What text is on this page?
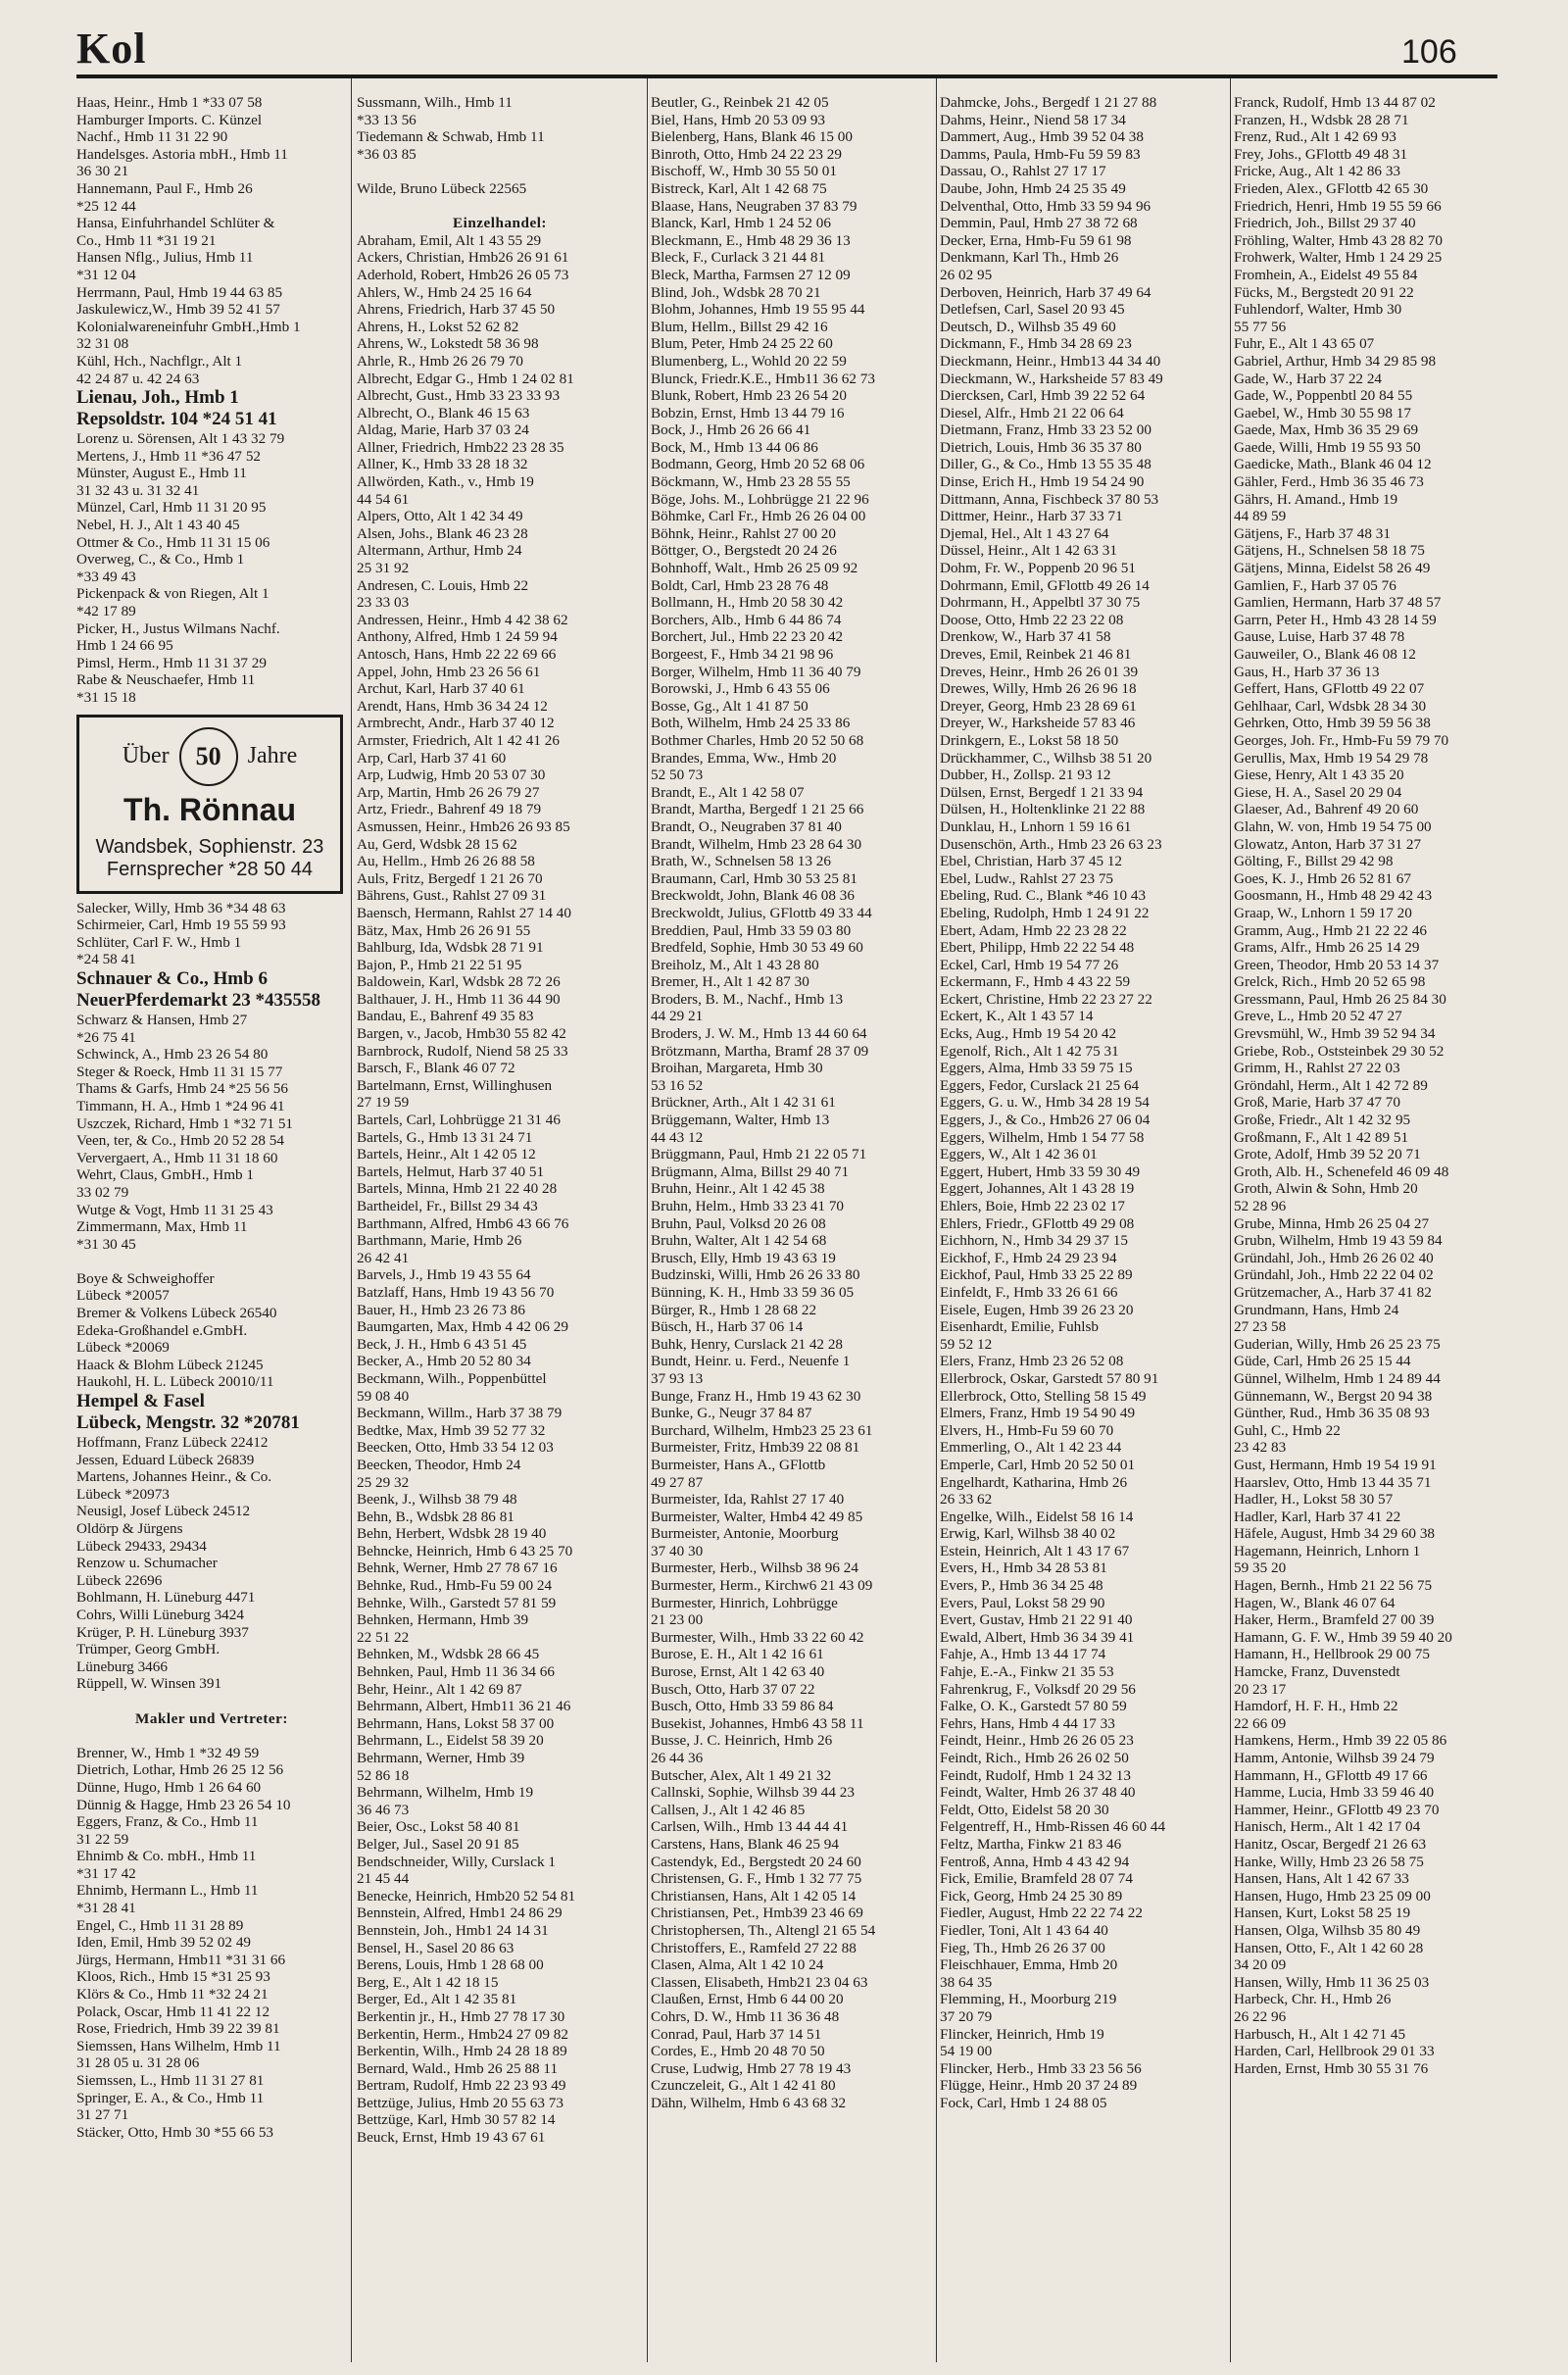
Kol	106
Haas, Heinr., Hmb 1 *33 07 58
Hamburger Imports. C. Künzel
Nachf., Hmb 11 31 22 90
Handelsges. Astoria mbH., Hmb 11
36 30 21
Hannemann, Paul F., Hmb 26
*25 12 44
Hansa, Einfuhrhandel Schlüter &
Co., Hmb 11 *31 19 21
Hansen Nflg., Julius, Hmb 11
*31 12 04
Herrmann, Paul, Hmb 19 44 63 85
Jaskulewicz,W., Hmb 39 52 41 57
Kolonialwareneinfuhr GmbH.,Hmb 1
32 31 08
Kühl, Hch., Nachflgr., Alt 1
42 24 87 u. 42 24 63
Lienau, Joh., Hmb 1
Repsoldstr. 104 *24 51 41
Lorenz u. Sörensen, Alt 1 43 32 79
Mertens, J., Hmb 11 *36 47 52
Münster, August E., Hmb 11
31 32 43 u. 31 32 41
Münzel, Carl, Hmb 11 31 20 95
Nebel, H. J., Alt 1 43 40 45
Ottmer & Co., Hmb 11 31 15 06
Overweg, C., & Co., Hmb 1
*33 49 43
Pickenpack & von Riegen, Alt 1
*42 17 89
Picker, H., Justus Wilmans Nachf.
Hmb 1 24 66 95
Pimsl, Herm., Hmb 11 31 37 29
Rabe & Neuschaefer, Hmb 11
*31 15 18
Über	50	Jahre
Th. Rönnau
Wandsbek, Sophienstr. 23
Fernsprecher *28 50 44
Salecker, Willy, Hmb 36 *34 48 63
Schirmeier, Carl, Hmb 19 55 59 93
Schlüter, Carl F. W., Hmb 1
*24 58 41
Schnauer & Co., Hmb 6
NeuerPferdemarkt 23 *435558
Schwarz & Hansen, Hmb 27
*26 75 41
Schwinck, A., Hmb 23 26 54 80
Steger & Roeck, Hmb 11 31 15 77
Thams & Garfs, Hmb 24 *25 56 56
Timmann, H. A., Hmb 1 *24 96 41
Uszczek, Richard, Hmb 1 *32 71 51
Veen, ter, & Co., Hmb 20 52 28 54
Ververgaert, A., Hmb 11 31 18 60
Wehrt, Claus, GmbH., Hmb 1
33 02 79
Wutge & Vogt, Hmb 11 31 25 43
Zimmermann, Max, Hmb 11
*31 30 45

Boye & Schweighoffer
Lübeck *20057
Bremer & Volkens Lübeck 26540
Edeka-Großhandel e.GmbH.
Lübeck *20069
Haack & Blohm Lübeck 21245
Haukohl, H. L. Lübeck 20010/11
Hempel & Fasel
Lübeck, Mengstr. 32 *20781
Hoffmann, Franz Lübeck 22412
Jessen, Eduard Lübeck 26839
Martens, Johannes Heinr., & Co.
Lübeck *20973
Neusigl, Josef Lübeck 24512
Oldörp & Jürgens
Lübeck 29433, 29434
Renzow u. Schumacher
Lübeck 22696
Bohlmann, H. Lüneburg 4471
Cohrs, Willi Lüneburg 3424
Krüger, P. H. Lüneburg 3937
Trümper, Georg GmbH.
Lüneburg 3466
Rüppell, W. Winsen 391

Makler und Vertreter:

Brenner, W., Hmb 1 *32 49 59
Dietrich, Lothar, Hmb 26 25 12 56
Dünne, Hugo, Hmb 1 26 64 60
Dünnig & Hagge, Hmb 23 26 54 10
Eggers, Franz, & Co., Hmb 11
31 22 59
Ehnimb & Co. mbH., Hmb 11
*31 17 42
Ehnimb, Hermann L., Hmb 11
*31 28 41
Engel, C., Hmb 11 31 28 89
Iden, Emil, Hmb 39 52 02 49
Jürgs, Hermann, Hmb11 *31 31 66
Kloos, Rich., Hmb 15 *31 25 93
Klörs & Co., Hmb 11 *32 24 21
Polack, Oscar, Hmb 11 41 22 12
Rose, Friedrich, Hmb 39 22 39 81
Siemssen, Hans Wilhelm, Hmb 11
31 28 05 u. 31 28 06
Siemssen, L., Hmb 11 31 27 81
Springer, E. A., & Co., Hmb 11
31 27 71
Stäcker, Otto, Hmb 30 *55 66 53
Sussmann, Wilh., Hmb 11
*33 13 56
Tiedemann & Schwab, Hmb 11
*36 03 85

Wilde, Bruno Lübeck 22565

Einzelhandel:
Abraham, Emil, Alt 1 43 55 29
Ackers, Christian, Hmb26 26 91 61
Aderhold, Robert, Hmb26 26 05 73
Ahlers, W., Hmb 24 25 16 64
Ahrens, Friedrich, Harb 37 45 50
Ahrens, H., Lokst 52 62 82
Ahrens, W., Lokstedt 58 36 98
Ahrle, R., Hmb 26 26 79 70
Albrecht, Edgar G., Hmb 1 24 02 81
Albrecht, Gust., Hmb 33 23 33 93
Albrecht, O., Blank 46 15 63
Aldag, Marie, Harb 37 03 24
Allner, Friedrich, Hmb22 23 28 35
Allner, K., Hmb 33 28 18 32
Allwörden, Kath., v., Hmb 19
44 54 61
Alpers, Otto, Alt 1 42 34 49
Alsen, Johs., Blank 46 23 28
Altermann, Arthur, Hmb 24
25 31 92
Andresen, C. Louis, Hmb 22
23 33 03
Andressen, Heinr., Hmb 4 42 38 62
Anthony, Alfred, Hmb 1 24 59 94
Antosch, Hans, Hmb 22 22 69 66
Appel, John, Hmb 23 26 56 61
Archut, Karl, Harb 37 40 61
Arendt, Hans, Hmb 36 34 24 12
Armbrecht, Andr., Harb 37 40 12
Armster, Friedrich, Alt 1 42 41 26
Arp, Carl, Harb 37 41 60
Arp, Ludwig, Hmb 20 53 07 30
Arp, Martin, Hmb 26 26 79 27
Artz, Friedr., Bahrenf 49 18 79
Asmussen, Heinr., Hmb26 26 93 85
Au, Gerd, Wdsbk 28 15 62
Au, Hellm., Hmb 26 26 88 58
Auls, Fritz, Bergedf 1 21 26 70
Bährens, Gust., Rahlst 27 09 31
Baensch, Hermann, Rahlst 27 14 40
Bätz, Max, Hmb 26 26 91 55
Bahlburg, Ida, Wdsbk 28 71 91
Bajon, P., Hmb 21 22 51 95
Baldowein, Karl, Wdsbk 28 72 26
Balthauer, J. H., Hmb 11 36 44 90
Bandau, E., Bahrenf 49 35 83
Bargen, v., Jacob, Hmb30 55 82 42
Barnbrock, Rudolf, Niend 58 25 33
Barsch, F., Blank 46 07 72
Bartelmann, Ernst, Willinghusen
27 19 59
Bartels, Carl, Lohbrügge 21 31 46
Bartels, G., Hmb 13 31 24 71
Bartels, Heinr., Alt 1 42 05 12
Bartels, Helmut, Harb 37 40 51
Bartels, Minna, Hmb 21 22 40 28
Bartheidel, Fr., Billst 29 34 43
Barthmann, Alfred, Hmb6 43 66 76
Barthmann, Marie, Hmb 26
26 42 41
Barvels, J., Hmb 19 43 55 64
Batzlaff, Hans, Hmb 19 43 56 70
Bauer, H., Hmb 23 26 73 86
Baumgarten, Max, Hmb 4 42 06 29
Beck, J. H., Hmb 6 43 51 45
Becker, A., Hmb 20 52 80 34
Beckmann, Wilh., Poppenbüttel
59 08 40
Beckmann, Willm., Harb 37 38 79
Bedtke, Max, Hmb 39 52 77 32
Beecken, Otto, Hmb 33 54 12 03
Beecken, Theodor, Hmb 24
25 29 32
Beenk, J., Wilhsb 38 79 48
Behn, B., Wdsbk 28 86 81
Behn, Herbert, Wdsbk 28 19 40
Behncke, Heinrich, Hmb 6 43 25 70
Behnk, Werner, Hmb 27 78 67 16
Behnke, Rud., Hmb-Fu 59 00 24
Behnke, Wilh., Garstedt 57 81 59
Behnken, Hermann, Hmb 39
22 51 22
Behnken, M., Wdsbk 28 66 45
Behnken, Paul, Hmb 11 36 34 66
Behr, Heinr., Alt 1 42 69 87
Behrmann, Albert, Hmb11 36 21 46
Behrmann, Hans, Lokst 58 37 00
Behrmann, L., Eidelst 58 39 20
Behrmann, Werner, Hmb 39
52 86 18
Behrmann, Wilhelm, Hmb 19
36 46 73
Beier, Osc., Lokst 58 40 81
Belger, Jul., Sasel 20 91 85
Bendschneider, Willy, Curslack 1
21 45 44
Benecke, Heinrich, Hmb20 52 54 81
Bennstein, Alfred, Hmb1 24 86 29
Bennstein, Joh., Hmb1 24 14 31
Bensel, H., Sasel 20 86 63
Berens, Louis, Hmb 1 28 68 00
Berg, E., Alt 1 42 18 15
Berger, Ed., Alt 1 42 35 81
Berkentin jr., H., Hmb 27 78 17 30
Berkentin, Herm., Hmb24 27 09 82
Berkentin, Wilh., Hmb 24 28 18 89
Bernard, Wald., Hmb 26 25 88 11
Bertram, Rudolf, Hmb 22 23 93 49
Bettzüge, Julius, Hmb 20 55 63 73
Bettzüge, Karl, Hmb 30 57 82 14
Beuck, Ernst, Hmb 19 43 67 61
Beutler, G., Reinbek 21 42 05
Biel, Hans, Hmb 20 53 09 93
Bielenberg, Hans, Blank 46 15 00
Binroth, Otto, Hmb 24 22 23 29
Bischoff, W., Hmb 30 55 50 01
Bistreck, Karl, Alt 1 42 68 75
Blaase, Hans, Neugraben 37 83 79
Blanck, Karl, Hmb 1 24 52 06
Bleckmann, E., Hmb 48 29 36 13
Bleck, F., Curlack 3 21 44 81
Bleck, Martha, Farmsen 27 12 09
Blind, Joh., Wdsbk 28 70 21
Blohm, Johannes, Hmb 19 55 95 44
Blum, Hellm., Billst 29 42 16
Blum, Peter, Hmb 24 25 22 60
Blumenberg, L., Wohld 20 22 59
Blunck, Friedr.K.E., Hmb11 36 62 73
Blunk, Robert, Hmb 23 26 54 20
Bobzin, Ernst, Hmb 13 44 79 16
Bock, J., Hmb 26 26 66 41
Bock, M., Hmb 13 44 06 86
Bodmann, Georg, Hmb 20 52 68 06
Böckmann, W., Hmb 23 28 55 55
Böge, Johs. M., Lohbrügge 21 22 96
Böhmke, Carl Fr., Hmb 26 26 04 00
Böhnk, Heinr., Rahlst 27 00 20
Böttger, O., Bergstedt 20 24 26
Bohnhoff, Walt., Hmb 26 25 09 92
Boldt, Carl, Hmb 23 28 76 48
Bollmann, H., Hmb 20 58 30 42
Borchers, Alb., Hmb 6 44 86 74
Borchert, Jul., Hmb 22 23 20 42
Borgeest, F., Hmb 34 21 98 96
Borger, Wilhelm, Hmb 11 36 40 79
Borowski, J., Hmb 6 43 55 06
Bosse, Gg., Alt 1 41 87 50
Both, Wilhelm, Hmb 24 25 33 86
Bothmer Charles, Hmb 20 52 50 68
Brandes, Emma, Ww., Hmb 20
52 50 73
Brandt, E., Alt 1 42 58 07
Brandt, Martha, Bergedf 1 21 25 66
Brandt, O., Neugraben 37 81 40
Brandt, Wilhelm, Hmb 23 28 64 30
Brath, W., Schnelsen 58 13 26
Braumann, Carl, Hmb 30 53 25 81
Breckwoldt, John, Blank 46 08 36
Breckwoldt, Julius, GFlottb 49 33 44
Breddien, Paul, Hmb 33 59 03 80
Bredfeld, Sophie, Hmb 30 53 49 60
Breiholz, M., Alt 1 43 28 80
Bremer, H., Alt 1 42 87 30
Broders, B. M., Nachf., Hmb 13
44 29 21
Broders, J. W. M., Hmb 13 44 60 64
Brötzmann, Martha, Bramf 28 37 09
Broihan, Margareta, Hmb 30
53 16 52
Brückner, Arth., Alt 1 42 31 61
Brüggemann, Walter, Hmb 13
44 43 12
Brüggmann, Paul, Hmb 21 22 05 71
Brügmann, Alma, Billst 29 40 71
Bruhn, Heinr., Alt 1 42 45 38
Bruhn, Helm., Hmb 33 23 41 70
Bruhn, Paul, Volksd 20 26 08
Bruhn, Walter, Alt 1 42 54 68
Brusch, Elly, Hmb 19 43 63 19
Budzinski, Willi, Hmb 26 26 33 80
Bünning, K. H., Hmb 33 59 36 05
Bürger, R., Hmb 1 28 68 22
Büsch, H., Harb 37 06 14
Buhk, Henry, Curslack 21 42 28
Bundt, Heinr. u. Ferd., Neuenfe 1
37 93 13
Bunge, Franz H., Hmb 19 43 62 30
Bunke, G., Neugr 37 84 87
Burchard, Wilhelm, Hmb23 25 23 61
Burmeister, Fritz, Hmb39 22 08 81
Burmeister, Hans A., GFlottb
49 27 87
Burmeister, Ida, Rahlst 27 17 40
Burmeister, Walter, Hmb4 42 49 85
Burmeister, Antonie, Moorburg
37 40 30
Burmester, Herb., Wilhsb 38 96 24
Burmester, Herm., Kirchw6 21 43 09
Burmester, Hinrich, Lohbrügge
21 23 00
Burmester, Wilh., Hmb 33 22 60 42
Burose, E. H., Alt 1 42 16 61
Burose, Ernst, Alt 1 42 63 40
Busch, Otto, Harb 37 07 22
Busch, Otto, Hmb 33 59 86 84
Busekist, Johannes, Hmb6 43 58 11
Busse, J. C. Heinrich, Hmb 26
26 44 36
Butscher, Alex, Alt 1 49 21 32
Callnski, Sophie, Wilhsb 39 44 23
Callsen, J., Alt 1 42 46 85
Carlsen, Wilh., Hmb 13 44 44 41
Carstens, Hans, Blank 46 25 94
Castendyk, Ed., Bergstedt 20 24 60
Christensen, G. F., Hmb 1 32 77 75
Christiansen, Hans, Alt 1 42 05 14
Christiansen, Pet., Hmb39 23 46 69
Christophersen, Th., Altengl 21 65 54
Christoffers, E., Ramfeld 27 22 88
Clasen, Alma, Alt 1 42 10 24
Classen, Elisabeth, Hmb21 23 04 63
Claußen, Ernst, Hmb 6 44 00 20
Cohrs, D. W., Hmb 11 36 36 48
Conrad, Paul, Harb 37 14 51
Cordes, E., Hmb 20 48 70 50
Cruse, Ludwig, Hmb 27 78 19 43
Czunczeleit, G., Alt 1 42 41 80
Dähn, Wilhelm, Hmb 6 43 68 32
Dahmcke, Johs., Bergedf 1 21 27 88
Dahms, Heinr., Niend 58 17 34
Dammert, Aug., Hmb 39 52 04 38
Damms, Paula, Hmb-Fu 59 59 83
Dassau, O., Rahlst 27 17 17
Daube, John, Hmb 24 25 35 49
Delventhal, Otto, Hmb 33 59 94 96
Demmin, Paul, Hmb 27 38 72 68
Decker, Erna, Hmb-Fu 59 61 98
Denkmann, Karl Th., Hmb 26
26 02 95
Derboven, Heinrich, Harb 37 49 64
Detlefsen, Carl, Sasel 20 93 45
Deutsch, D., Wilhsb 35 49 60
Dickmann, F., Hmb 34 28 69 23
Dieckmann, Heinr., Hmb13 44 34 40
Dieckmann, W., Harksheide 57 83 49
Diercksen, Carl, Hmb 39 22 52 64
Diesel, Alfr., Hmb 21 22 06 64
Dietmann, Franz, Hmb 33 23 52 00
Dietrich, Louis, Hmb 36 35 37 80
Diller, G., & Co., Hmb 13 55 35 48
Dinse, Erich H., Hmb 19 54 24 90
Dittmann, Anna, Fischbeck 37 80 53
Dittmer, Heinr., Harb 37 33 71
Djemal, Hel., Alt 1 43 27 64
Düssel, Heinr., Alt 1 42 63 31
Dohm, Fr. W., Poppenb 20 96 51
Dohrmann, Emil, GFlottb 49 26 14
Dohrmann, H., Appelbtl 37 30 75
Doose, Otto, Hmb 22 23 22 08
Drenkow, W., Harb 37 41 58
Dreves, Emil, Reinbek 21 46 81
Dreves, Heinr., Hmb 26 26 01 39
Drewes, Willy, Hmb 26 26 96 18
Dreyer, Georg, Hmb 23 28 69 61
Dreyer, W., Harksheide 57 83 46
Drinkgern, E., Lokst 58 18 50
Drückhammer, C., Wilhsb 38 51 20
Dubber, H., Zollsp. 21 93 12
Dülsen, Ernst, Bergedf 1 21 33 94
Dülsen, H., Holtenklinke 21 22 88
Dunklau, H., Lnhorn 1 59 16 61
Dusenschön, Arth., Hmb 23 26 63 23
Ebel, Christian, Harb 37 45 12
Ebel, Ludw., Rahlst 27 23 75
Ebeling, Rud. C., Blank *46 10 43
Ebeling, Rudolph, Hmb 1 24 91 22
Ebert, Adam, Hmb 22 23 28 22
Ebert, Philipp, Hmb 22 22 54 48
Eckel, Carl, Hmb 19 54 77 26
Eckermann, F., Hmb 4 43 22 59
Eckert, Christine, Hmb 22 23 27 22
Eckert, K., Alt 1 43 57 14
Ecks, Aug., Hmb 19 54 20 42
Egenolf, Rich., Alt 1 42 75 31
Eggers, Alma, Hmb 33 59 75 15
Eggers, Fedor, Curslack 21 25 64
Eggers, G. u. W., Hmb 34 28 19 54
Eggers, J., & Co., Hmb26 27 06 04
Eggers, Wilhelm, Hmb 1 54 77 58
Eggers, W., Alt 1 42 36 01
Eggert, Hubert, Hmb 33 59 30 49
Eggert, Johannes, Alt 1 43 28 19
Ehlers, Boie, Hmb 22 23 02 17
Ehlers, Friedr., GFlottb 49 29 08
Eichhorn, N., Hmb 34 29 37 15
Eickhof, F., Hmb 24 29 23 94
Eickhof, Paul, Hmb 33 25 22 89
Einfeldt, F., Hmb 33 26 61 66
Eisele, Eugen, Hmb 39 26 23 20
Eisenhardt, Emilie, Fuhlsb
59 52 12
Elers, Franz, Hmb 23 26 52 08
Ellerbrock, Oskar, Garstedt 57 80 91
Ellerbrock, Otto, Stelling 58 15 49
Elmers, Franz, Hmb 19 54 90 49
Elvers, H., Hmb-Fu 59 60 70
Emmerling, O., Alt 1 42 23 44
Emperle, Carl, Hmb 20 52 50 01
Engelhardt, Katharina, Hmb 26
26 33 62
Engelke, Wilh., Eidelst 58 16 14
Erwig, Karl, Wilhsb 38 40 02
Estein, Heinrich, Alt 1 43 17 67
Evers, H., Hmb 34 28 53 81
Evers, P., Hmb 36 34 25 48
Evers, Paul, Lokst 58 29 90
Evert, Gustav, Hmb 21 22 91 40
Ewald, Albert, Hmb 36 34 39 41
Fahje, A., Hmb 13 44 17 74
Fahje, E.-A., Finkw 21 35 53
Fahrenkrug, F., Volksdf 20 29 56
Falke, O. K., Garstedt 57 80 59
Fehrs, Hans, Hmb 4 44 17 33
Feindt, Heinr., Hmb 26 26 05 23
Feindt, Rich., Hmb 26 26 02 50
Feindt, Rudolf, Hmb 1 24 32 13
Feindt, Walter, Hmb 26 37 48 40
Feldt, Otto, Eidelst 58 20 30
Felgentreff, H., Hmb-Rissen 46 60 44
Feltz, Martha, Finkw 21 83 46
Fentroß, Anna, Hmb 4 43 42 94
Fick, Emilie, Bramfeld 28 07 74
Fick, Georg, Hmb 24 25 30 89
Fiedler, August, Hmb 22 22 74 22
Fiedler, Toni, Alt 1 43 64 40
Fieg, Th., Hmb 26 26 37 00
Fleischhauer, Emma, Hmb 20
38 64 35
Flemming, H., Moorburg 219
37 20 79
Flincker, Heinrich, Hmb 19
54 19 00
Flincker, Herb., Hmb 33 23 56 56
Flügge, Heinr., Hmb 20 37 24 89
Fock, Carl, Hmb 1 24 88 05
Franck, Rudolf, Hmb 13 44 87 02
Franzen, H., Wdsbk 28 28 71
Frenz, Rud., Alt 1 42 69 93
Frey, Johs., GFlottb 49 48 31
Fricke, Aug., Alt 1 42 86 33
Frieden, Alex., GFlottb 42 65 30
Friedrich, Henri, Hmb 19 55 59 66
Friedrich, Joh., Billst 29 37 40
Fröhling, Walter, Hmb 43 28 82 70
Frohwerk, Walter, Hmb 1 24 29 25
Fromhein, A., Eidelst 49 55 84
Fücks, M., Bergstedt 20 91 22
Fuhlendorf, Walter, Hmb 30
55 77 56
Fuhr, E., Alt 1 43 65 07
Gabriel, Arthur, Hmb 34 29 85 98
Gade, W., Harb 37 22 24
Gade, W., Poppenbtl 20 84 55
Gaebel, W., Hmb 30 55 98 17
Gaede, Max, Hmb 36 35 29 69
Gaede, Willi, Hmb 19 55 93 50
Gaedicke, Math., Blank 46 04 12
Gähler, Ferd., Hmb 36 35 46 73
Gährs, H. Amand., Hmb 19
44 89 59
Gätjens, F., Harb 37 48 31
Gätjens, H., Schnelsen 58 18 75
Gätjens, Minna, Eidelst 58 26 49
Gamlien, F., Harb 37 05 76
Gamlien, Hermann, Harb 37 48 57
Garrn, Peter H., Hmb 43 28 14 59
Gause, Luise, Harb 37 48 78
Gauweiler, O., Blank 46 08 12
Gaus, H., Harb 37 36 13
Geffert, Hans, GFlottb 49 22 07
Gehlhaar, Carl, Wdsbk 28 34 30
Gehrken, Otto, Hmb 39 59 56 38
Georges, Joh. Fr., Hmb-Fu 59 79 70
Gerullis, Max, Hmb 19 54 29 78
Giese, Henry, Alt 1 43 35 20
Giese, H. A., Sasel 20 29 04
Glaeser, Ad., Bahrenf 49 20 60
Glahn, W. von, Hmb 19 54 75 00
Glowatz, Anton, Harb 37 31 27
Gölting, F., Billst 29 42 98
Goes, K. J., Hmb 26 52 81 67
Goosmann, H., Hmb 48 29 42 43
Graap, W., Lnhorn 1 59 17 20
Gramm, Aug., Hmb 21 22 22 46
Grams, Alfr., Hmb 26 25 14 29
Green, Theodor, Hmb 20 53 14 37
Grelck, Rich., Hmb 20 52 65 98
Gressmann, Paul, Hmb 26 25 84 30
Greve, L., Hmb 20 52 47 27
Grevsmühl, W., Hmb 39 52 94 34
Griebe, Rob., Oststeinbek 29 30 52
Grimm, H., Rahlst 27 22 03
Gröndahl, Herm., Alt 1 42 72 89
Groß, Marie, Harb 37 47 70
Große, Friedr., Alt 1 42 32 95
Großmann, F., Alt 1 42 89 51
Grote, Adolf, Hmb 39 52 20 71
Groth, Alb. H., Schenefeld 46 09 48
Groth, Alwin & Sohn, Hmb 20
52 28 96
Grube, Minna, Hmb 26 25 04 27
Grubn, Wilhelm, Hmb 19 43 59 84
Gründahl, Joh., Hmb 26 26 02 40
Gründahl, Joh., Hmb 22 22 04 02
Grützemacher, A., Harb 37 41 82
Grundmann, Hans, Hmb 24
27 23 58
Guderian, Willy, Hmb 26 25 23 75
Güde, Carl, Hmb 26 25 15 44
Günnel, Wilhelm, Hmb 1 24 89 44
Günnemann, W., Bergst 20 94 38
Günther, Rud., Hmb 36 35 08 93
Guhl, C., Hmb 22
23 42 83
Gust, Hermann, Hmb 19 54 19 91
Haarslev, Otto, Hmb 13 44 35 71
Hadler, H., Lokst 58 30 57
Hadler, Karl, Harb 37 41 22
Häfele, August, Hmb 34 29 60 38
Hagemann, Heinrich, Lnhorn 1
59 35 20
Hagen, Bernh., Hmb 21 22 56 75
Hagen, W., Blank 46 07 64
Haker, Herm., Bramfeld 27 00 39
Hamann, G. F. W., Hmb 39 59 40 20
Hamann, H., Hellbrook 29 00 75
Hamcke, Franz, Duvenstedt
20 23 17
Hamdorf, H. F. H., Hmb 22
22 66 09
Hamkens, Herm., Hmb 39 22 05 86
Hamm, Antonie, Wilhsb 39 24 79
Hammann, H., GFlottb 49 17 66
Hamme, Lucia, Hmb 33 59 46 40
Hammer, Heinr., GFlottb 49 23 70
Hanisch, Herm., Alt 1 42 17 04
Hanitz, Oscar, Bergedf 21 26 63
Hanke, Willy, Hmb 23 26 58 75
Hansen, Hans, Alt 1 42 67 33
Hansen, Hugo, Hmb 23 25 09 00
Hansen, Kurt, Lokst 58 25 19
Hansen, Olga, Wilhsb 35 80 49
Hansen, Otto, F., Alt 1 42 60 28
34 20 09
Hansen, Willy, Hmb 11 36 25 03
Harbeck, Chr. H., Hmb 26
26 22 96
Harbusch, H., Alt 1 42 71 45
Harden, Carl, Hellbrook 29 01 33
Harden, Ernst, Hmb 30 55 31 76
